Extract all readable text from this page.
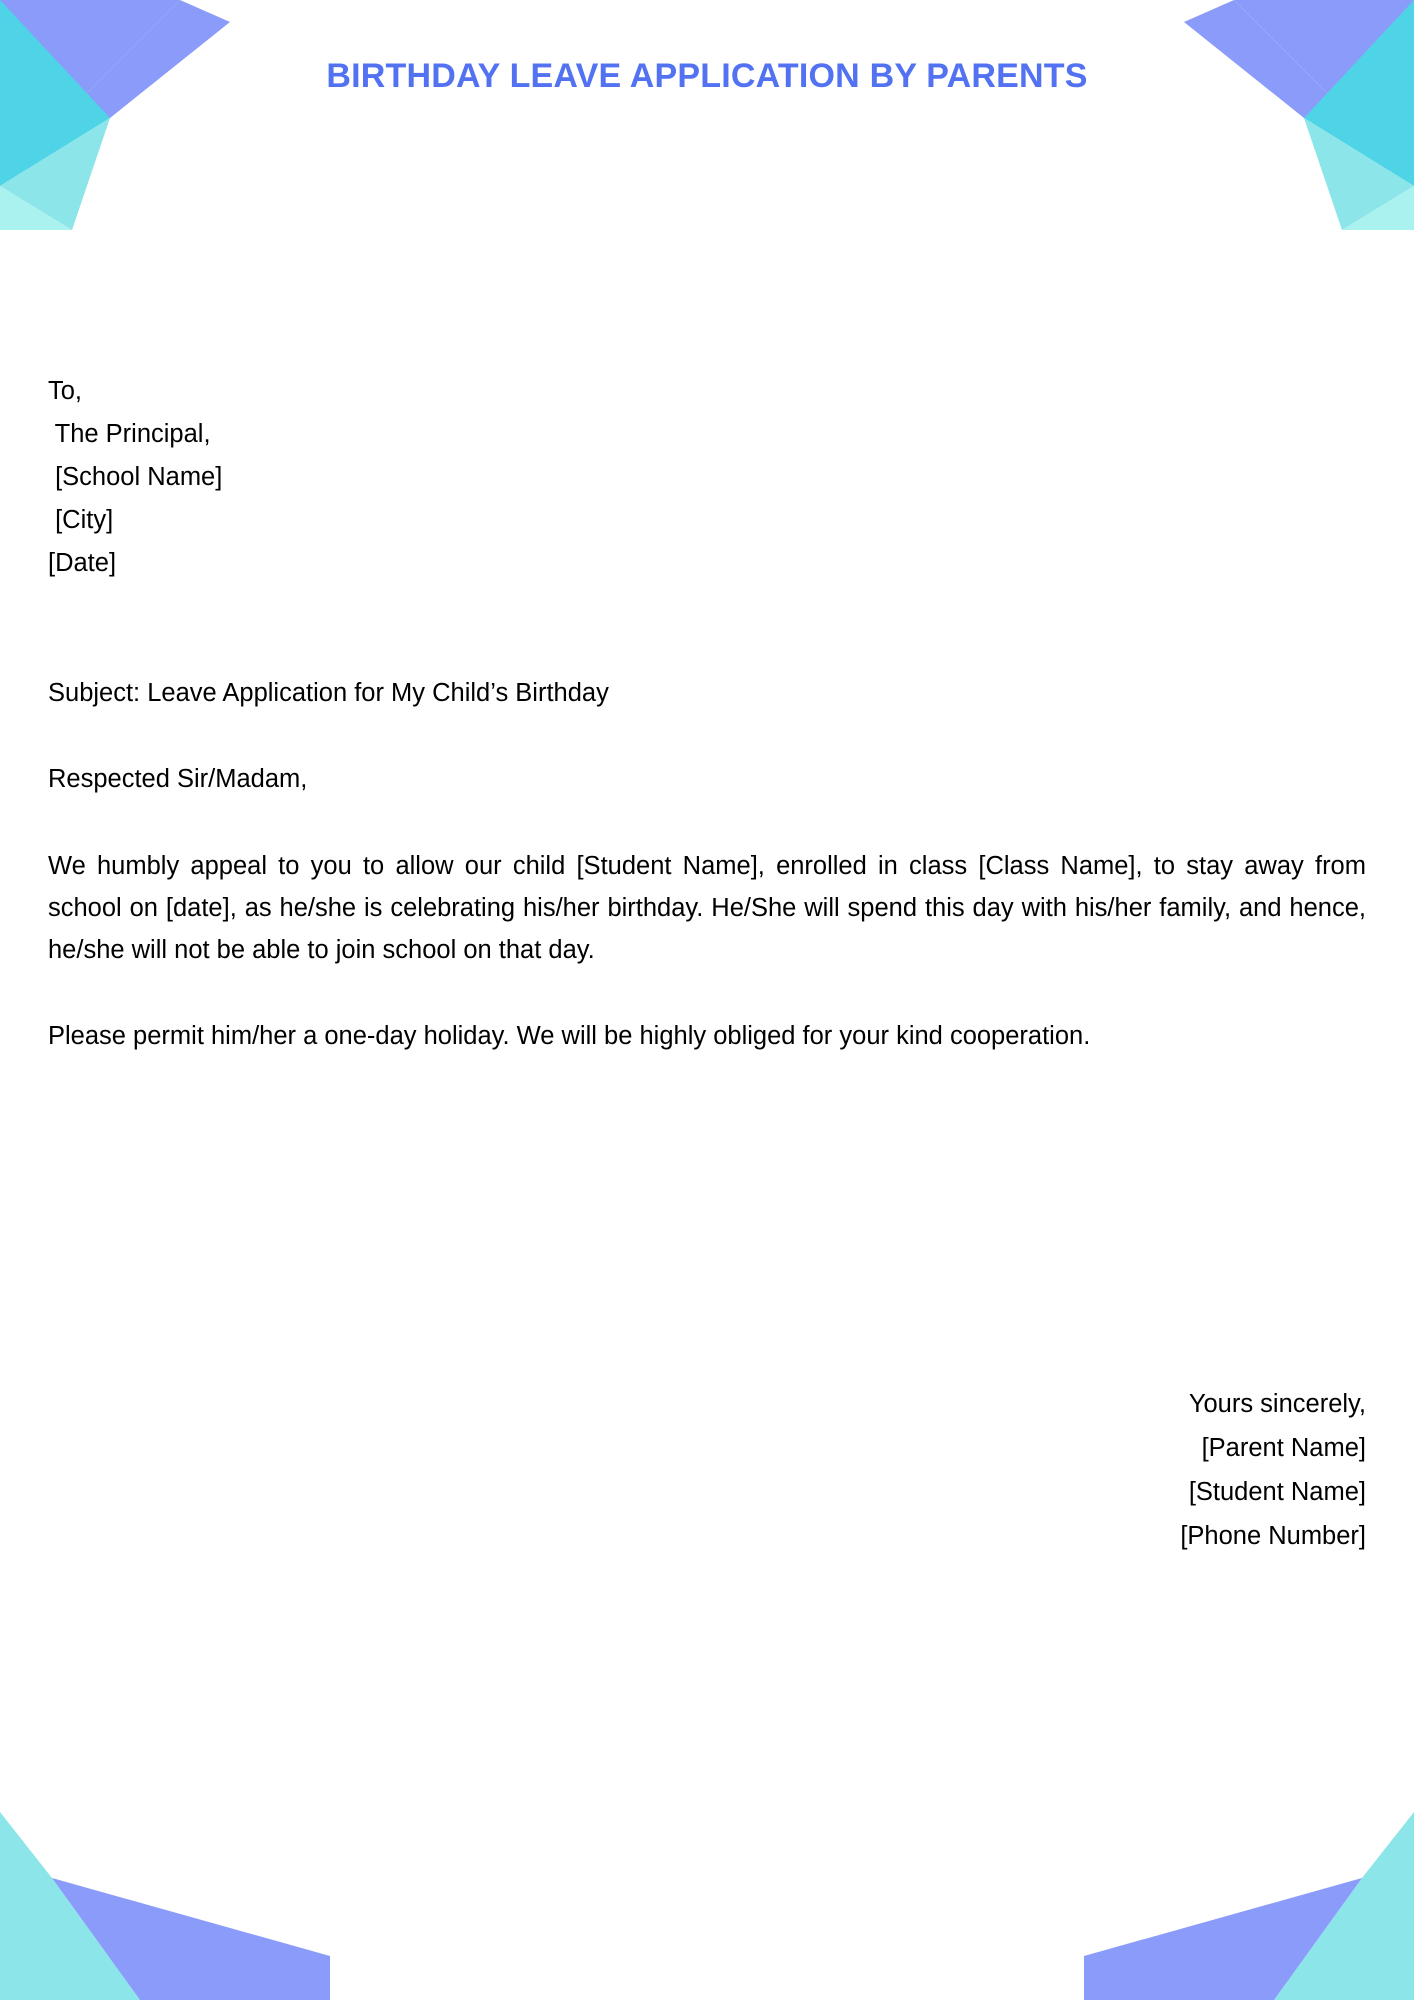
BIRTHDAY LEAVE APPLICATION BY PARENTS
To,
The Principal,
[School Name]
[City]
[Date]
Subject: Leave Application for My Child’s Birthday
Respected Sir/Madam,
We humbly appeal to you to allow our child [Student Name], enrolled in class [Class Name], to stay away from school on [date], as he/she is celebrating his/her birthday. He/She will spend this day with his/her family, and hence, he/she will not be able to join school on that day.
Please permit him/her a one-day holiday. We will be highly obliged for your kind cooperation.
Yours sincerely,
[Parent Name]
[Student Name]
[Phone Number]
